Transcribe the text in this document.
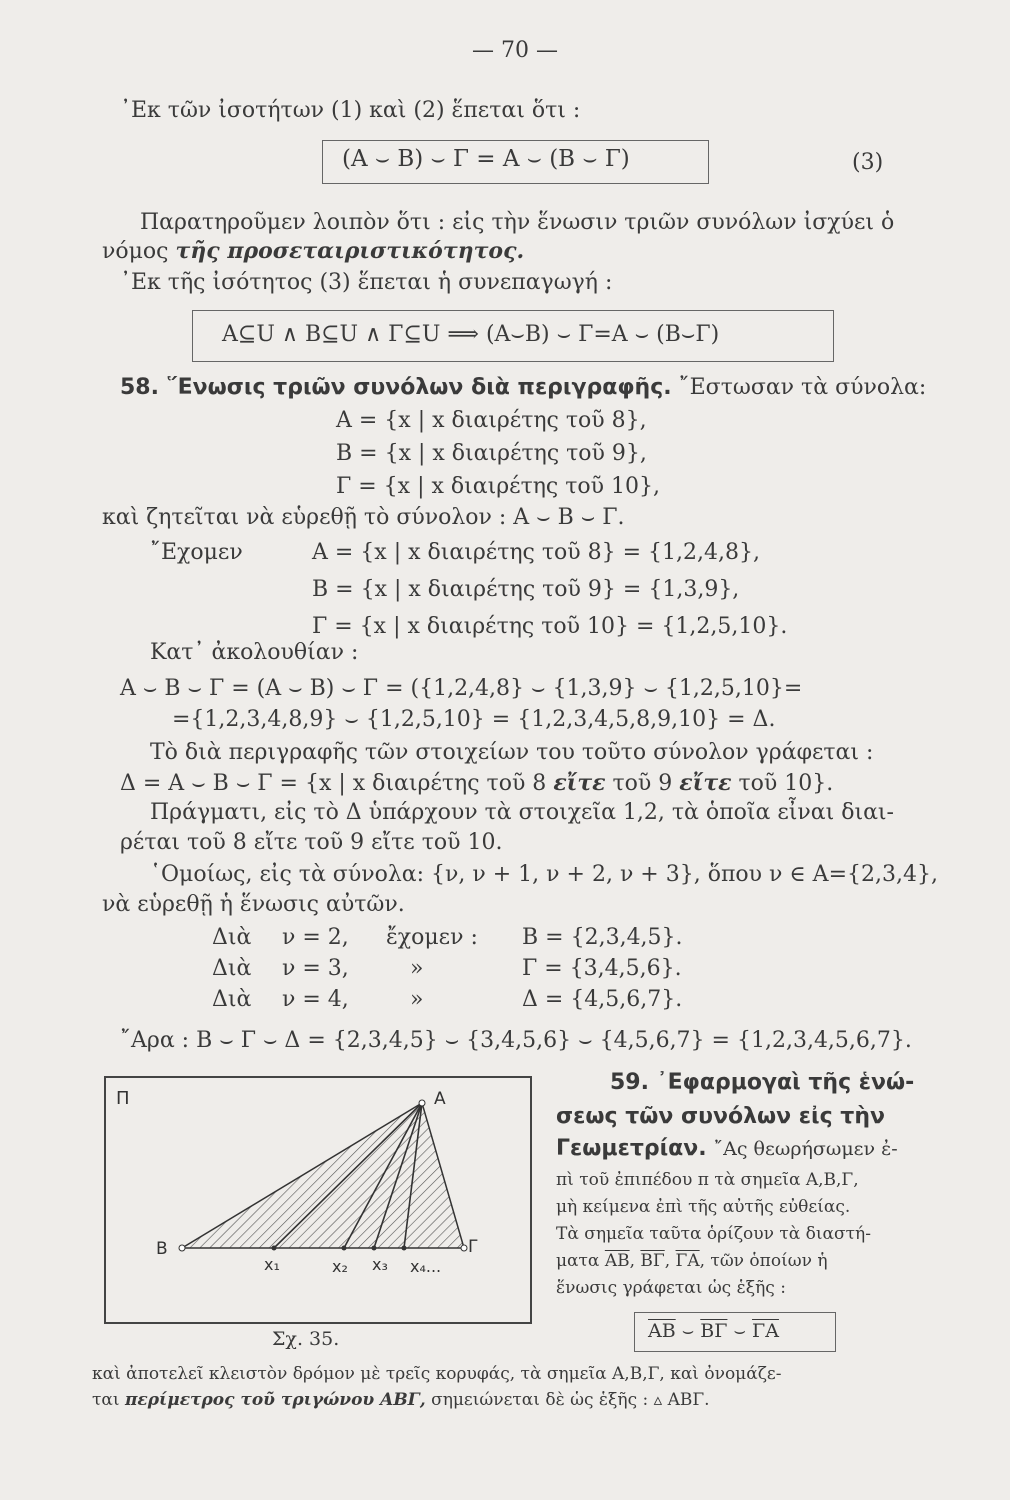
— 70 —
᾿Εκ τῶν ἰσοτήτων (1) καὶ (2) ἕπεται ὅτι :
(A ⌣ B) ⌣ Γ = A ⌣ (B ⌣ Γ)	(3)
Παρατηροῦμεν λοιπὸν ὅτι : εἰς τὴν ἕνωσιν τριῶν συνόλων ἰσχύει ὁ
νόμος τῆς προσεταιριστικότητος.
᾿Εκ τῆς ἰσότητος (3) ἕπεται ἡ συνεπαγωγή :
A⊆U ∧ B⊆U ∧ Γ⊆U ⟹ (A⌣B) ⌣ Γ=A ⌣ (B⌣Γ)
58. ῞Ενωσις τριῶν συνόλων διὰ περιγραφῆς. ῎Εστωσαν τὰ σύνολα:
A = {x | x διαιρέτης τοῦ 8},
B = {x | x διαιρέτης τοῦ 9},
Γ = {x | x διαιρέτης τοῦ 10},
καὶ ζητεῖται νὰ εὑρεθῇ τὸ σύνολον : A ⌣ B ⌣ Γ.
῎Εχομεν	A = {x | x διαιρέτης τοῦ 8} = {1,2,4,8},
B = {x | x διαιρέτης τοῦ 9} = {1,3,9},
Γ = {x | x διαιρέτης τοῦ 10} = {1,2,5,10}.
Κατ᾿ ἀκολουθίαν :
A ⌣ B ⌣ Γ = (A ⌣ B) ⌣ Γ = ({1,2,4,8} ⌣ {1,3,9} ⌣ {1,2,5,10}=
={1,2,3,4,8,9} ⌣ {1,2,5,10} = {1,2,3,4,5,8,9,10} = Δ.
Τὸ διὰ περιγραφῆς τῶν στοιχείων του τοῦτο σύνολον γράφεται :
Δ = A ⌣ B ⌣ Γ = {x | x διαιρέτης τοῦ 8 εἴτε τοῦ 9 εἴτε τοῦ 10}.
Πράγματι, εἰς τὸ Δ ὑπάρχουν τὰ στοιχεῖα 1,2, τὰ ὁποῖα εἶναι διαι-
ρέται τοῦ 8 εἴτε τοῦ 9 εἴτε τοῦ 10.
῾Ομοίως, εἰς τὰ σύνολα: {ν, ν + 1, ν + 2, ν + 3}, ὅπου ν ∈ A={2,3,4},
νὰ εὑρεθῇ ἡ ἕνωσις αὐτῶν.
Διὰ ν = 2, ἔχομεν : B = {2,3,4,5}.
Διὰ ν = 3,	»	Γ = {3,4,5,6}.
Διὰ ν = 4,	»	Δ = {4,5,6,7}.
῎Αρα : B ⌣ Γ ⌣ Δ = {2,3,4,5} ⌣ {3,4,5,6} ⌣ {4,5,6,7} = {1,2,3,4,5,6,7}.
Π	A
B	Γ
x₁	x₂ x₃ x₄...
Σχ. 35.
59. ᾿Εφαρμογαὶ τῆς ἑνώ-
σεως τῶν συνόλων εἰς τὴν
Γεωμετρίαν. ῎Ας θεωρήσωμεν ἐ-
πὶ τοῦ ἐπιπέδου π τὰ σημεῖα A,B,Γ,
μὴ κείμενα ἐπὶ τῆς αὐτῆς εὐθείας.
Τὰ σημεῖα ταῦτα ὁρίζουν τὰ διαστή-
ματα $\overline{AB}$, $\overline{B\Gamma}$, $\overline{\Gamma A}$, τῶν ὁποίων ἡ
ἕνωσις γράφεται ὡς ἑξῆς :
$\overline{AB}$ ⌣ $\overline{B\Gamma}$ ⌣ $\overline{\Gamma A}$
καὶ ἀποτελεῖ κλειστὸν δρόμον μὲ τρεῖς κορυφάς, τὰ σημεῖα A,B,Γ, καὶ ὀνομάζε-
ται περίμετρος τοῦ τριγώνου ABΓ, σημειώνεται δὲ ὡς ἑξῆς : ▵ ABΓ.
